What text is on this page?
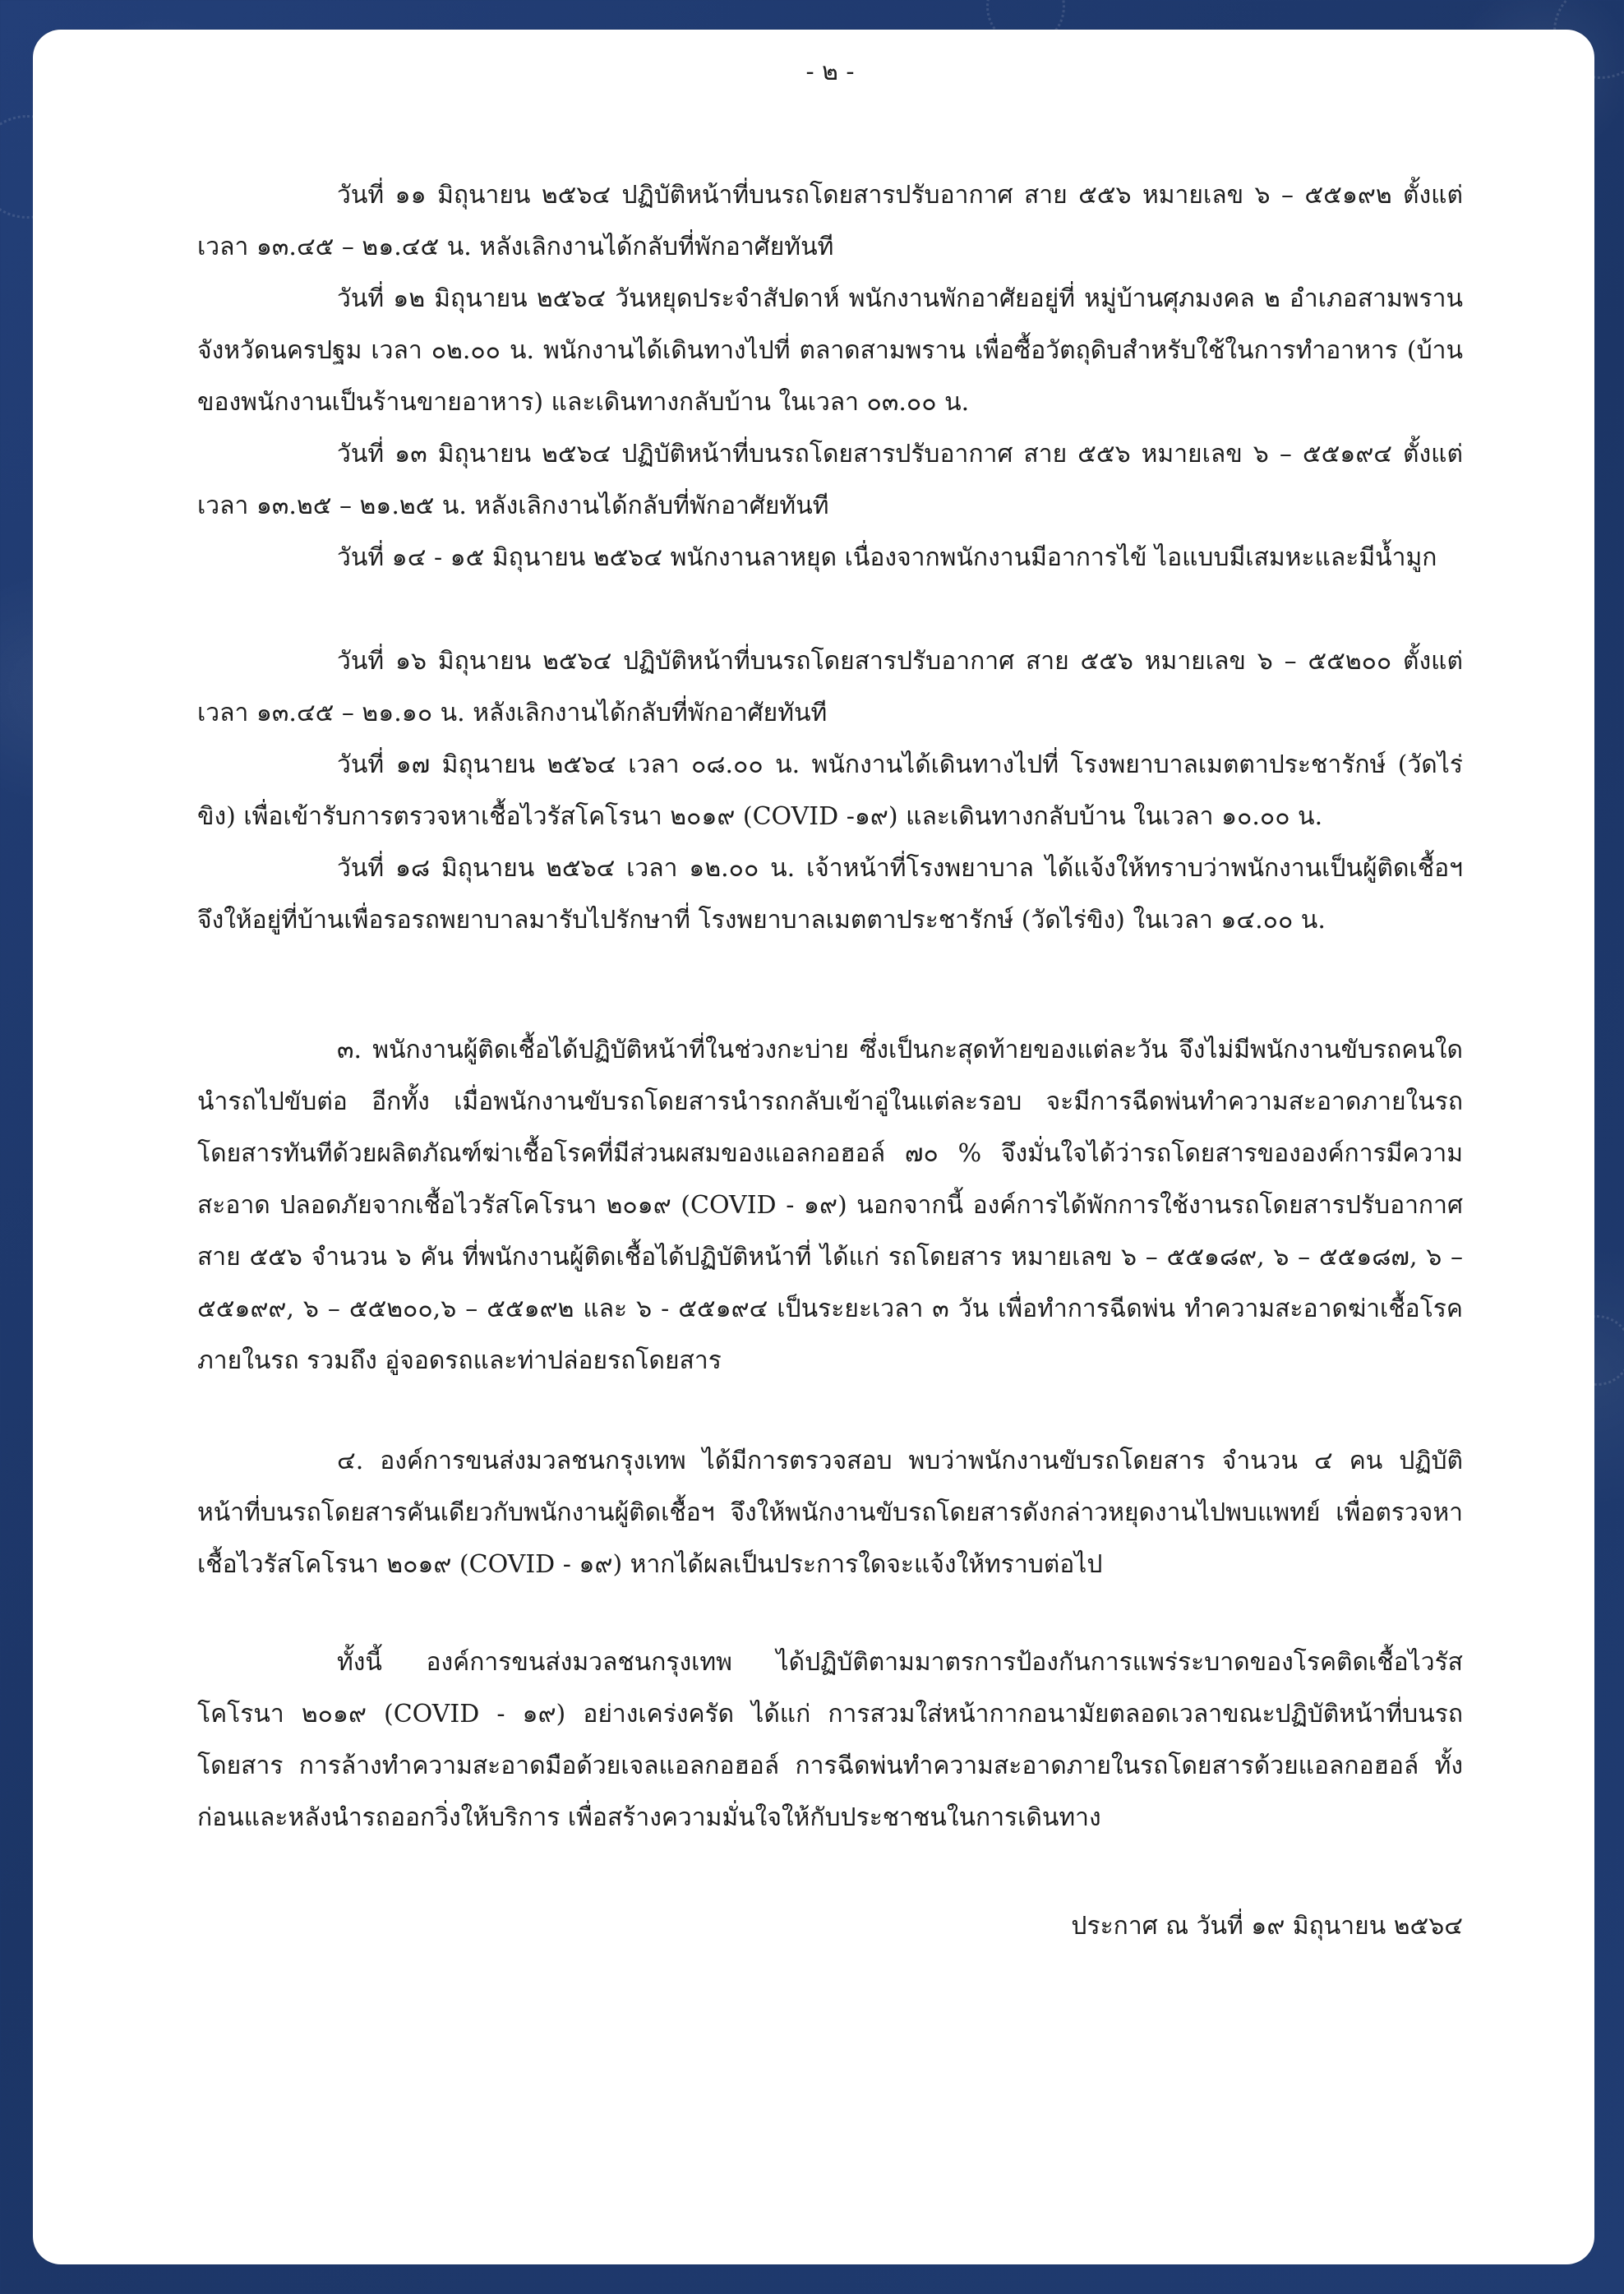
- ๒ -

วันที่ ๑๑ มิถุนายน ๒๕๖๔ ปฏิบัติหน้าที่บนรถโดยสารปรับอากาศ สาย ๕๕๖ หมายเลข ๖ – ๕๕๑๙๒ ตั้งแต่เวลา ๑๓.๔๕ – ๒๑.๔๕ น. หลังเลิกงานได้กลับที่พักอาศัยทันที

วันที่ ๑๒ มิถุนายน ๒๕๖๔ วันหยุดประจำสัปดาห์ พนักงานพักอาศัยอยู่ที่ หมู่บ้านศุภมงคล ๒ อำเภอสามพราน จังหวัดนครปฐม เวลา ๐๒.๐๐ น. พนักงานได้เดินทางไปที่ ตลาดสามพราน เพื่อซื้อวัตถุดิบสำหรับใช้ในการทำอาหาร (บ้านของพนักงานเป็นร้านขายอาหาร) และเดินทางกลับบ้าน ในเวลา ๐๓.๐๐ น.

วันที่ ๑๓ มิถุนายน ๒๕๖๔ ปฏิบัติหน้าที่บนรถโดยสารปรับอากาศ สาย ๕๕๖ หมายเลข ๖ – ๕๕๑๙๔ ตั้งแต่เวลา ๑๓.๒๕ – ๒๑.๒๕ น. หลังเลิกงานได้กลับที่พักอาศัยทันที

วันที่ ๑๔ - ๑๕ มิถุนายน ๒๕๖๔ พนักงานลาหยุด เนื่องจากพนักงานมีอาการไข้ ไอแบบมีเสมหะและมีน้ำมูก

วันที่ ๑๖ มิถุนายน ๒๕๖๔ ปฏิบัติหน้าที่บนรถโดยสารปรับอากาศ สาย ๕๕๖ หมายเลข ๖ – ๕๕๒๐๐ ตั้งแต่เวลา ๑๓.๔๕ – ๒๑.๑๐ น. หลังเลิกงานได้กลับที่พักอาศัยทันที

วันที่ ๑๗ มิถุนายน ๒๕๖๔ เวลา ๐๘.๐๐ น. พนักงานได้เดินทางไปที่ โรงพยาบาลเมตตาประชารักษ์ (วัดไร่ขิง) เพื่อเข้ารับการตรวจหาเชื้อไวรัสโคโรนา ๒๐๑๙ (COVID -๑๙) และเดินทางกลับบ้าน ในเวลา ๑๐.๐๐ น.

วันที่ ๑๘ มิถุนายน ๒๕๖๔ เวลา ๑๒.๐๐ น. เจ้าหน้าที่โรงพยาบาล ได้แจ้งให้ทราบว่าพนักงานเป็นผู้ติดเชื้อฯ จึงให้อยู่ที่บ้านเพื่อรอรถพยาบาลมารับไปรักษาที่ โรงพยาบาลเมตตาประชารักษ์ (วัดไร่ขิง) ในเวลา ๑๔.๐๐ น.

๓. พนักงานผู้ติดเชื้อได้ปฏิบัติหน้าที่ในช่วงกะบ่าย ซึ่งเป็นกะสุดท้ายของแต่ละวัน จึงไม่มีพนักงานขับรถคนใดนำรถไปขับต่อ อีกทั้ง เมื่อพนักงานขับรถโดยสารนำรถกลับเข้าอู่ในแต่ละรอบ จะมีการฉีดพ่นทำความสะอาดภายในรถโดยสารทันทีด้วยผลิตภัณฑ์ฆ่าเชื้อโรคที่มีส่วนผสมของแอลกอฮอล์ ๗๐ % จึงมั่นใจได้ว่ารถโดยสารขององค์การมีความสะอาด ปลอดภัยจากเชื้อไวรัสโคโรนา ๒๐๑๙ (COVID - ๑๙) นอกจากนี้ องค์การได้พักการใช้งานรถโดยสารปรับอากาศ สาย ๕๕๖ จำนวน ๖ คัน ที่พนักงานผู้ติดเชื้อได้ปฏิบัติหน้าที่ ได้แก่ รถโดยสาร หมายเลข ๖ – ๕๕๑๘๙, ๖ – ๕๕๑๘๗, ๖ – ๕๕๑๙๙, ๖ – ๕๕๒๐๐,๖ – ๕๕๑๙๒ และ ๖ - ๕๕๑๙๔ เป็นระยะเวลา ๓ วัน เพื่อทำการฉีดพ่น ทำความสะอาดฆ่าเชื้อโรคภายในรถ รวมถึง อู่จอดรถและท่าปล่อยรถโดยสาร

๔. องค์การขนส่งมวลชนกรุงเทพ ได้มีการตรวจสอบ พบว่าพนักงานขับรถโดยสาร จำนวน ๔ คน ปฏิบัติหน้าที่บนรถโดยสารคันเดียวกับพนักงานผู้ติดเชื้อฯ จึงให้พนักงานขับรถโดยสารดังกล่าวหยุดงานไปพบแพทย์ เพื่อตรวจหาเชื้อไวรัสโคโรนา ๒๐๑๙ (COVID - ๑๙) หากได้ผลเป็นประการใดจะแจ้งให้ทราบต่อไป

ทั้งนี้ องค์การขนส่งมวลชนกรุงเทพ ได้ปฏิบัติตามมาตรการป้องกันการแพร่ระบาดของโรคติดเชื้อไวรัสโคโรนา ๒๐๑๙ (COVID - ๑๙) อย่างเคร่งครัด ได้แก่ การสวมใส่หน้ากากอนามัยตลอดเวลาขณะปฏิบัติหน้าที่บนรถโดยสาร การล้างทำความสะอาดมือด้วยเจลแอลกอฮอล์ การฉีดพ่นทำความสะอาดภายในรถโดยสารด้วยแอลกอฮอล์ ทั้งก่อนและหลังนำรถออกวิ่งให้บริการ เพื่อสร้างความมั่นใจให้กับประชาชนในการเดินทาง

ประกาศ ณ วันที่ ๑๙ มิถุนายน ๒๕๖๔
